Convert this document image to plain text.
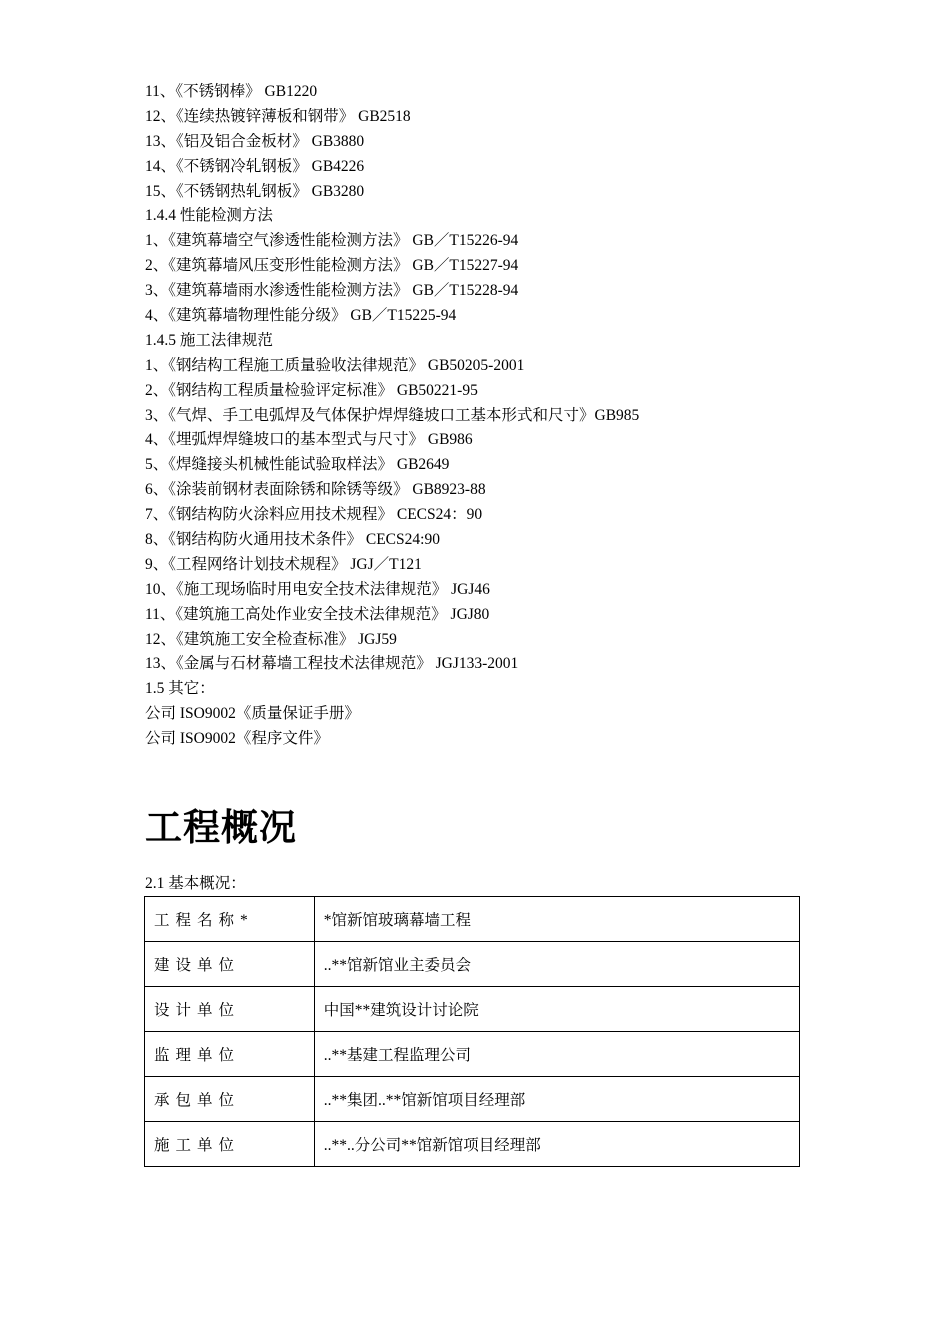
11、《不锈钢棒》 GB1220
12、《连续热镀锌薄板和钢带》 GB2518
13、《铝及铝合金板材》 GB3880
14、《不锈钢冷轧钢板》 GB4226
15、《不锈钢热轧钢板》 GB3280
1.4.4 性能检测方法
1、《建筑幕墙空气渗透性能检测方法》 GB／T15226-94
2、《建筑幕墙风压变形性能检测方法》 GB／T15227-94
3、《建筑幕墙雨水渗透性能检测方法》 GB／T15228-94
4、《建筑幕墙物理性能分级》 GB／T15225-94
1.4.5 施工法律规范
1、《钢结构工程施工质量验收法律规范》 GB50205-2001
2、《钢结构工程质量检验评定标准》 GB50221-95
3、《气焊、手工电弧焊及气体保护焊焊缝坡口工基本形式和尺寸》GB985
4、《埋弧焊焊缝坡口的基本型式与尺寸》 GB986
5、《焊缝接头机械性能试验取样法》 GB2649
6、《涂装前钢材表面除锈和除锈等级》 GB8923-88
7、《钢结构防火涂料应用技术规程》 CECS24：90
8、《钢结构防火通用技术条件》 CECS24:90
9、《工程网络计划技术规程》 JGJ／T121
10、《施工现场临时用电安全技术法律规范》 JGJ46
11、《建筑施工高处作业安全技术法律规范》 JGJ80
12、《建筑施工安全检查标准》 JGJ59
13、《金属与石材幕墙工程技术法律规范》 JGJ133-2001
1.5 其它：
公司 ISO9002《质量保证手册》
公司 ISO9002《程序文件》
工程概况
2.1 基本概况：
工程名称*	*馆新馆玻璃幕墙工程
建设单位	..**馆新馆业主委员会
设计单位	中国**建筑设计讨论院
监理单位	..**基建工程监理公司
承包单位	..**集团..**馆新馆项目经理部
施工单位	..**..分公司**馆新馆项目经理部
